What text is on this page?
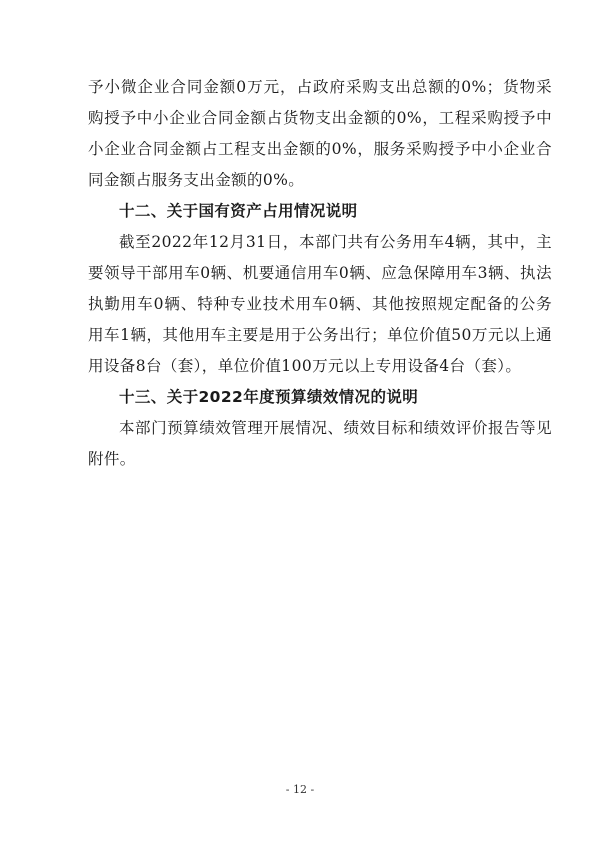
予小微企业合同金额0万元，占政府采购支出总额的0%；货物采购授予中小企业合同金额占货物支出金额的0%，工程采购授予中小企业合同金额占工程支出金额的0%，服务采购授予中小企业合同金额占服务支出金额的0%。

十二、关于国有资产占用情况说明

截至2022年12月31日，本部门共有公务用车4辆，其中，主要领导干部用车0辆、机要通信用车0辆、应急保障用车3辆、执法执勤用车0辆、特种专业技术用车0辆、其他按照规定配备的公务用车1辆，其他用车主要是用于公务出行；单位价值50万元以上通用设备8台（套），单位价值100万元以上专用设备4台（套）。

十三、关于2022年度预算绩效情况的说明

本部门预算绩效管理开展情况、绩效目标和绩效评价报告等见附件。

- 12 -
